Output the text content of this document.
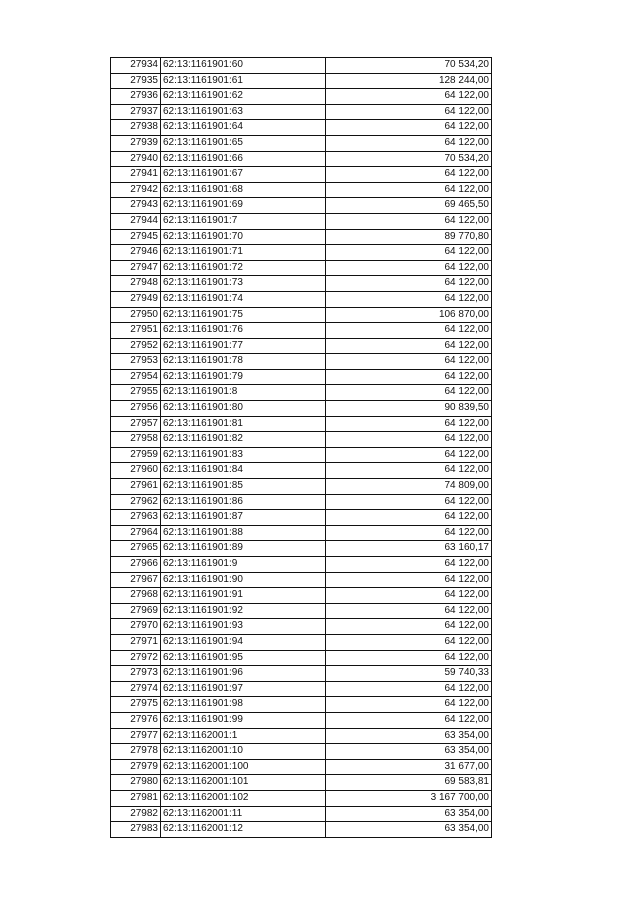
27934	62:13:1161901:60	70 534,20
27935	62:13:1161901:61	128 244,00
27936	62:13:1161901:62	64 122,00
27937	62:13:1161901:63	64 122,00
27938	62:13:1161901:64	64 122,00
27939	62:13:1161901:65	64 122,00
27940	62:13:1161901:66	70 534,20
27941	62:13:1161901:67	64 122,00
27942	62:13:1161901:68	64 122,00
27943	62:13:1161901:69	69 465,50
27944	62:13:1161901:7	64 122,00
27945	62:13:1161901:70	89 770,80
27946	62:13:1161901:71	64 122,00
27947	62:13:1161901:72	64 122,00
27948	62:13:1161901:73	64 122,00
27949	62:13:1161901:74	64 122,00
27950	62:13:1161901:75	106 870,00
27951	62:13:1161901:76	64 122,00
27952	62:13:1161901:77	64 122,00
27953	62:13:1161901:78	64 122,00
27954	62:13:1161901:79	64 122,00
27955	62:13:1161901:8	64 122,00
27956	62:13:1161901:80	90 839,50
27957	62:13:1161901:81	64 122,00
27958	62:13:1161901:82	64 122,00
27959	62:13:1161901:83	64 122,00
27960	62:13:1161901:84	64 122,00
27961	62:13:1161901:85	74 809,00
27962	62:13:1161901:86	64 122,00
27963	62:13:1161901:87	64 122,00
27964	62:13:1161901:88	64 122,00
27965	62:13:1161901:89	63 160,17
27966	62:13:1161901:9	64 122,00
27967	62:13:1161901:90	64 122,00
27968	62:13:1161901:91	64 122,00
27969	62:13:1161901:92	64 122,00
27970	62:13:1161901:93	64 122,00
27971	62:13:1161901:94	64 122,00
27972	62:13:1161901:95	64 122,00
27973	62:13:1161901:96	59 740,33
27974	62:13:1161901:97	64 122,00
27975	62:13:1161901:98	64 122,00
27976	62:13:1161901:99	64 122,00
27977	62:13:1162001:1	63 354,00
27978	62:13:1162001:10	63 354,00
27979	62:13:1162001:100	31 677,00
27980	62:13:1162001:101	69 583,81
27981	62:13:1162001:102	3 167 700,00
27982	62:13:1162001:11	63 354,00
27983	62:13:1162001:12	63 354,00
